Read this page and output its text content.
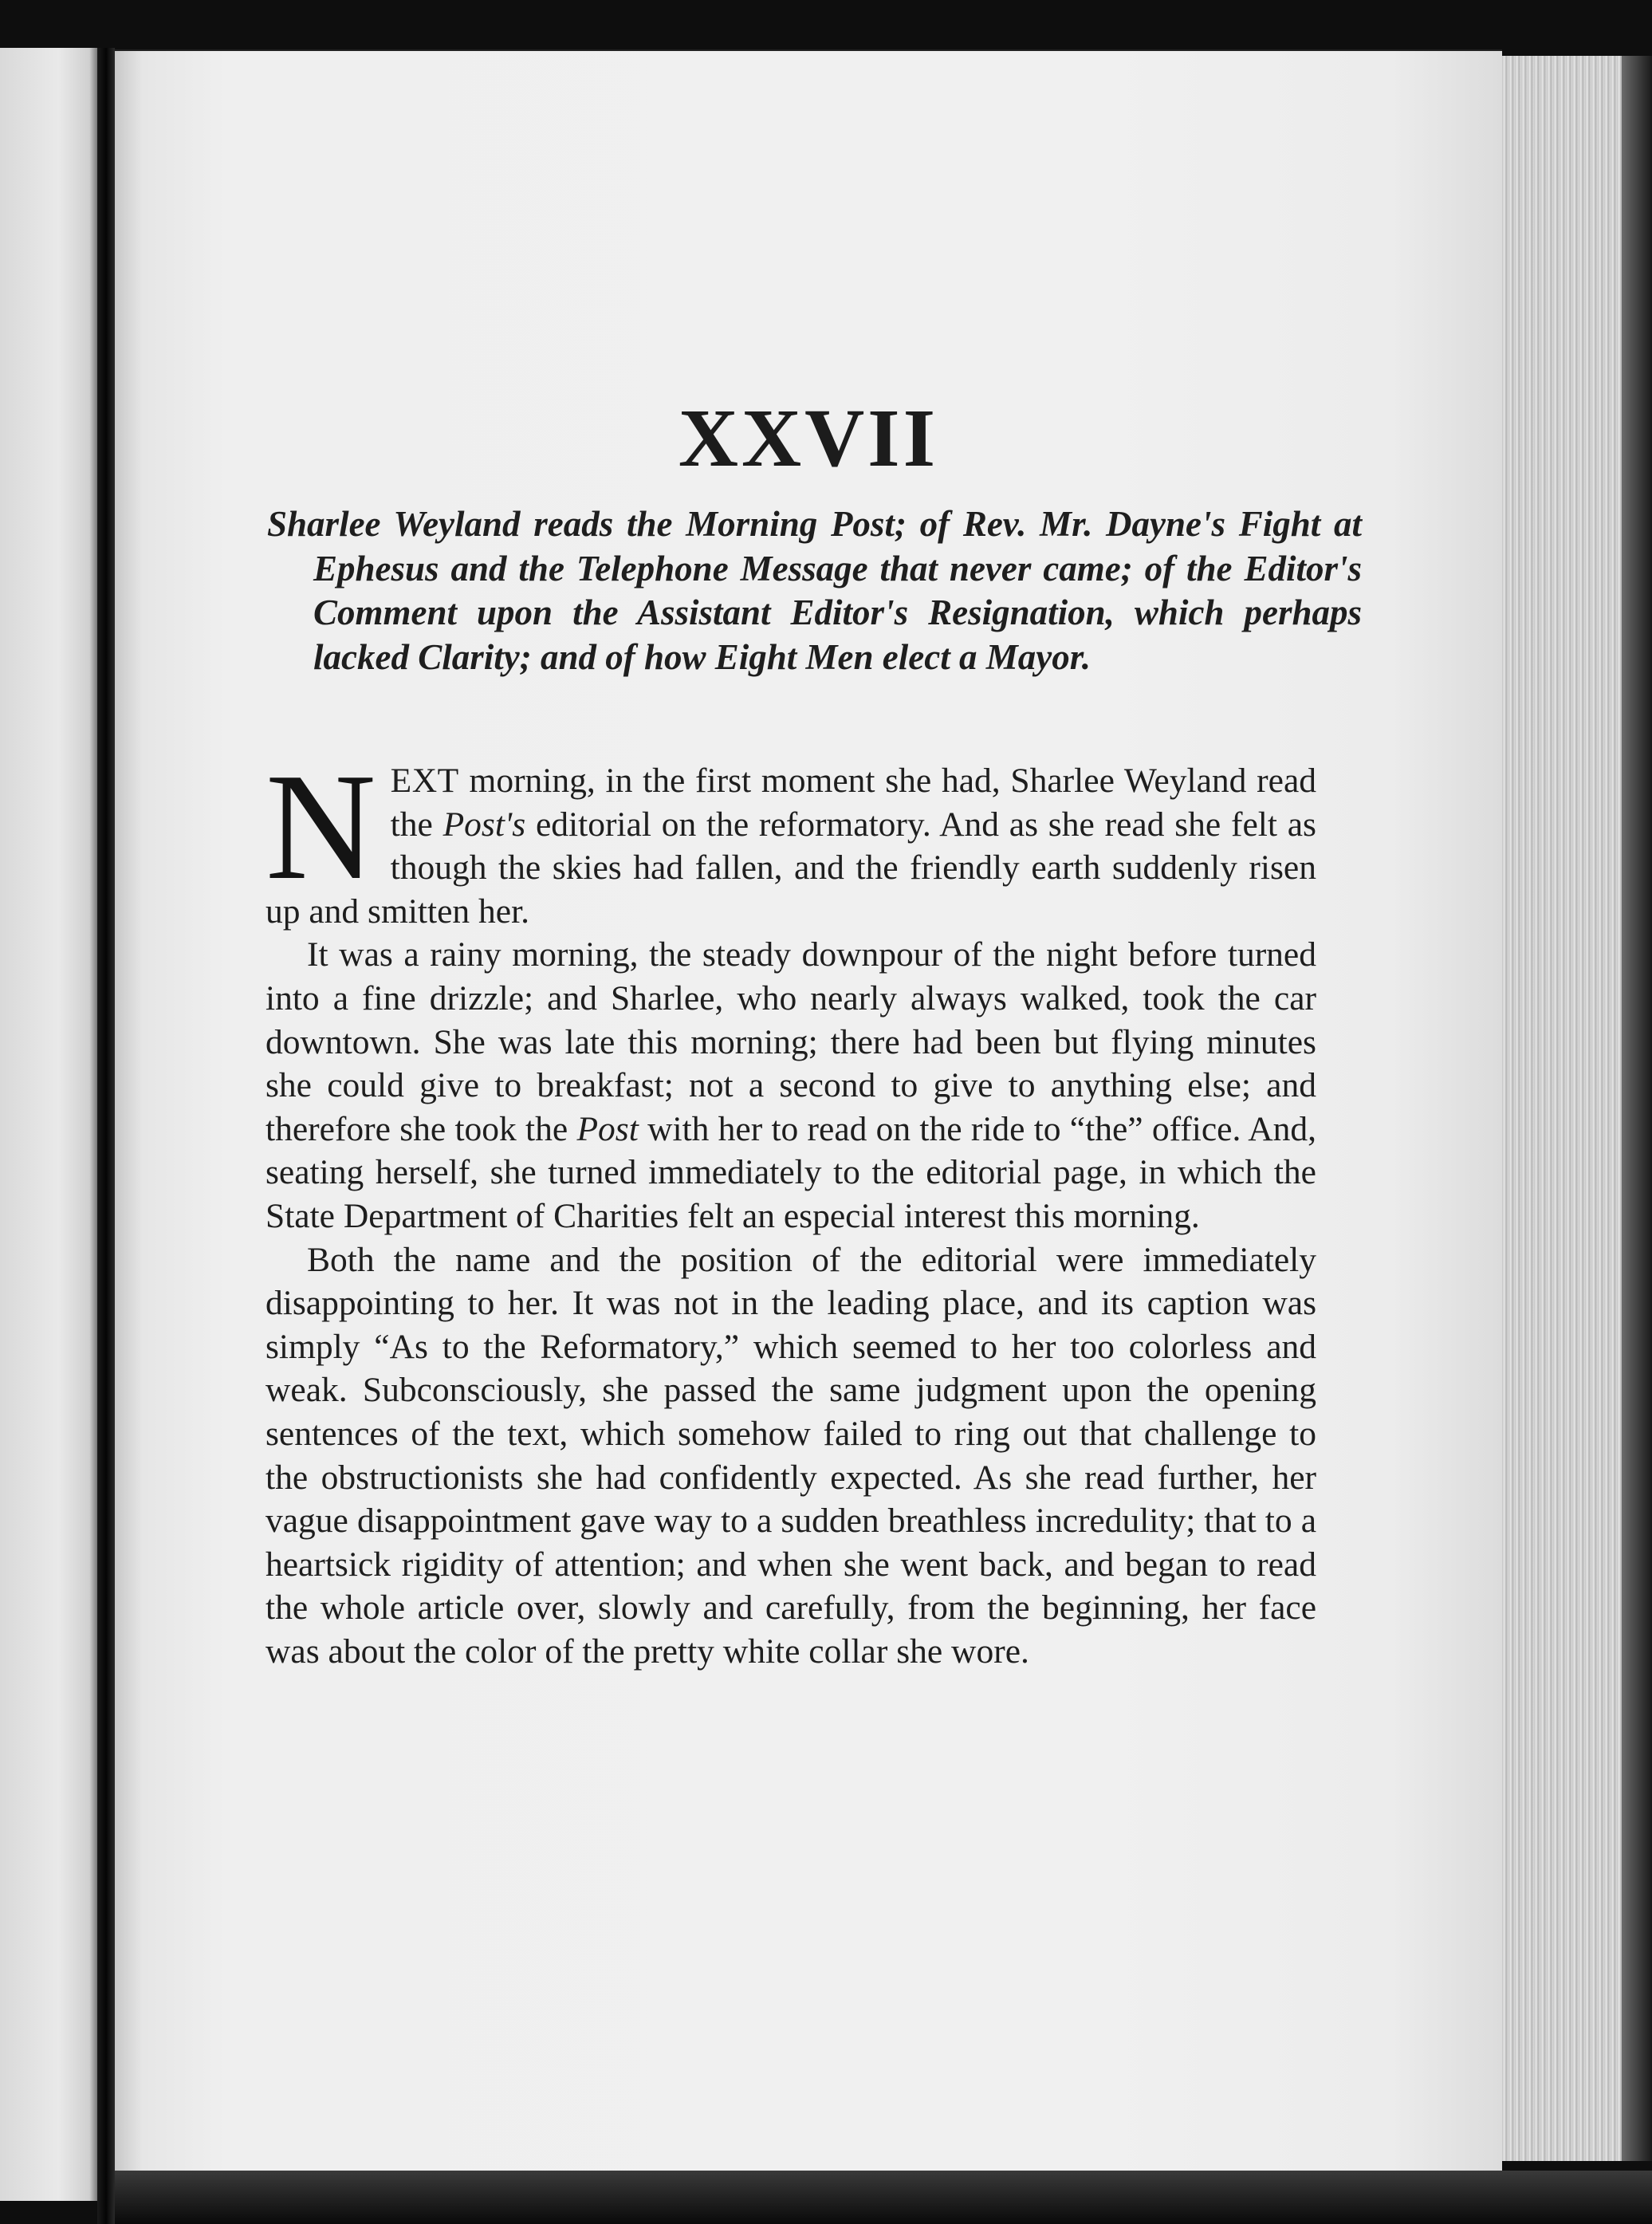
XXVII
Sharlee Weyland reads the Morning Post; of Rev. Mr. Dayne's Fight at Ephesus and the Telephone Message that never came; of the Editor's Comment upon the Assistant Editor's Resignation, which perhaps lacked Clarity; and of how Eight Men elect a Mayor.

NEXT morning, in the first moment she had, Sharlee Weyland read the Post's editorial on the reformatory. And as she read she felt as though the skies had fallen, and the friendly earth suddenly risen up and smitten her.

It was a rainy morning, the steady downpour of the night before turned into a fine drizzle; and Sharlee, who nearly always walked, took the car downtown. She was late this morning; there had been but flying minutes she could give to breakfast; not a second to give to anything else; and therefore she took the Post with her to read on the ride to “the” office. And, seating herself, she turned immediately to the editorial page, in which the State Department of Charities felt an especial interest this morning.

Both the name and the position of the editorial were immediately disappointing to her. It was not in the leading place, and its caption was simply “As to the Reformatory,” which seemed to her too colorless and weak. Subconsciously, she passed the same judgment upon the opening sentences of the text, which somehow failed to ring out that challenge to the obstructionists she had confidently expected. As she read further, her vague disappointment gave way to a sudden breathless incredulity; that to a heartsick rigidity of attention; and when she went back, and began to read the whole article over, slowly and carefully, from the beginning, her face was about the color of the pretty white collar she wore.
